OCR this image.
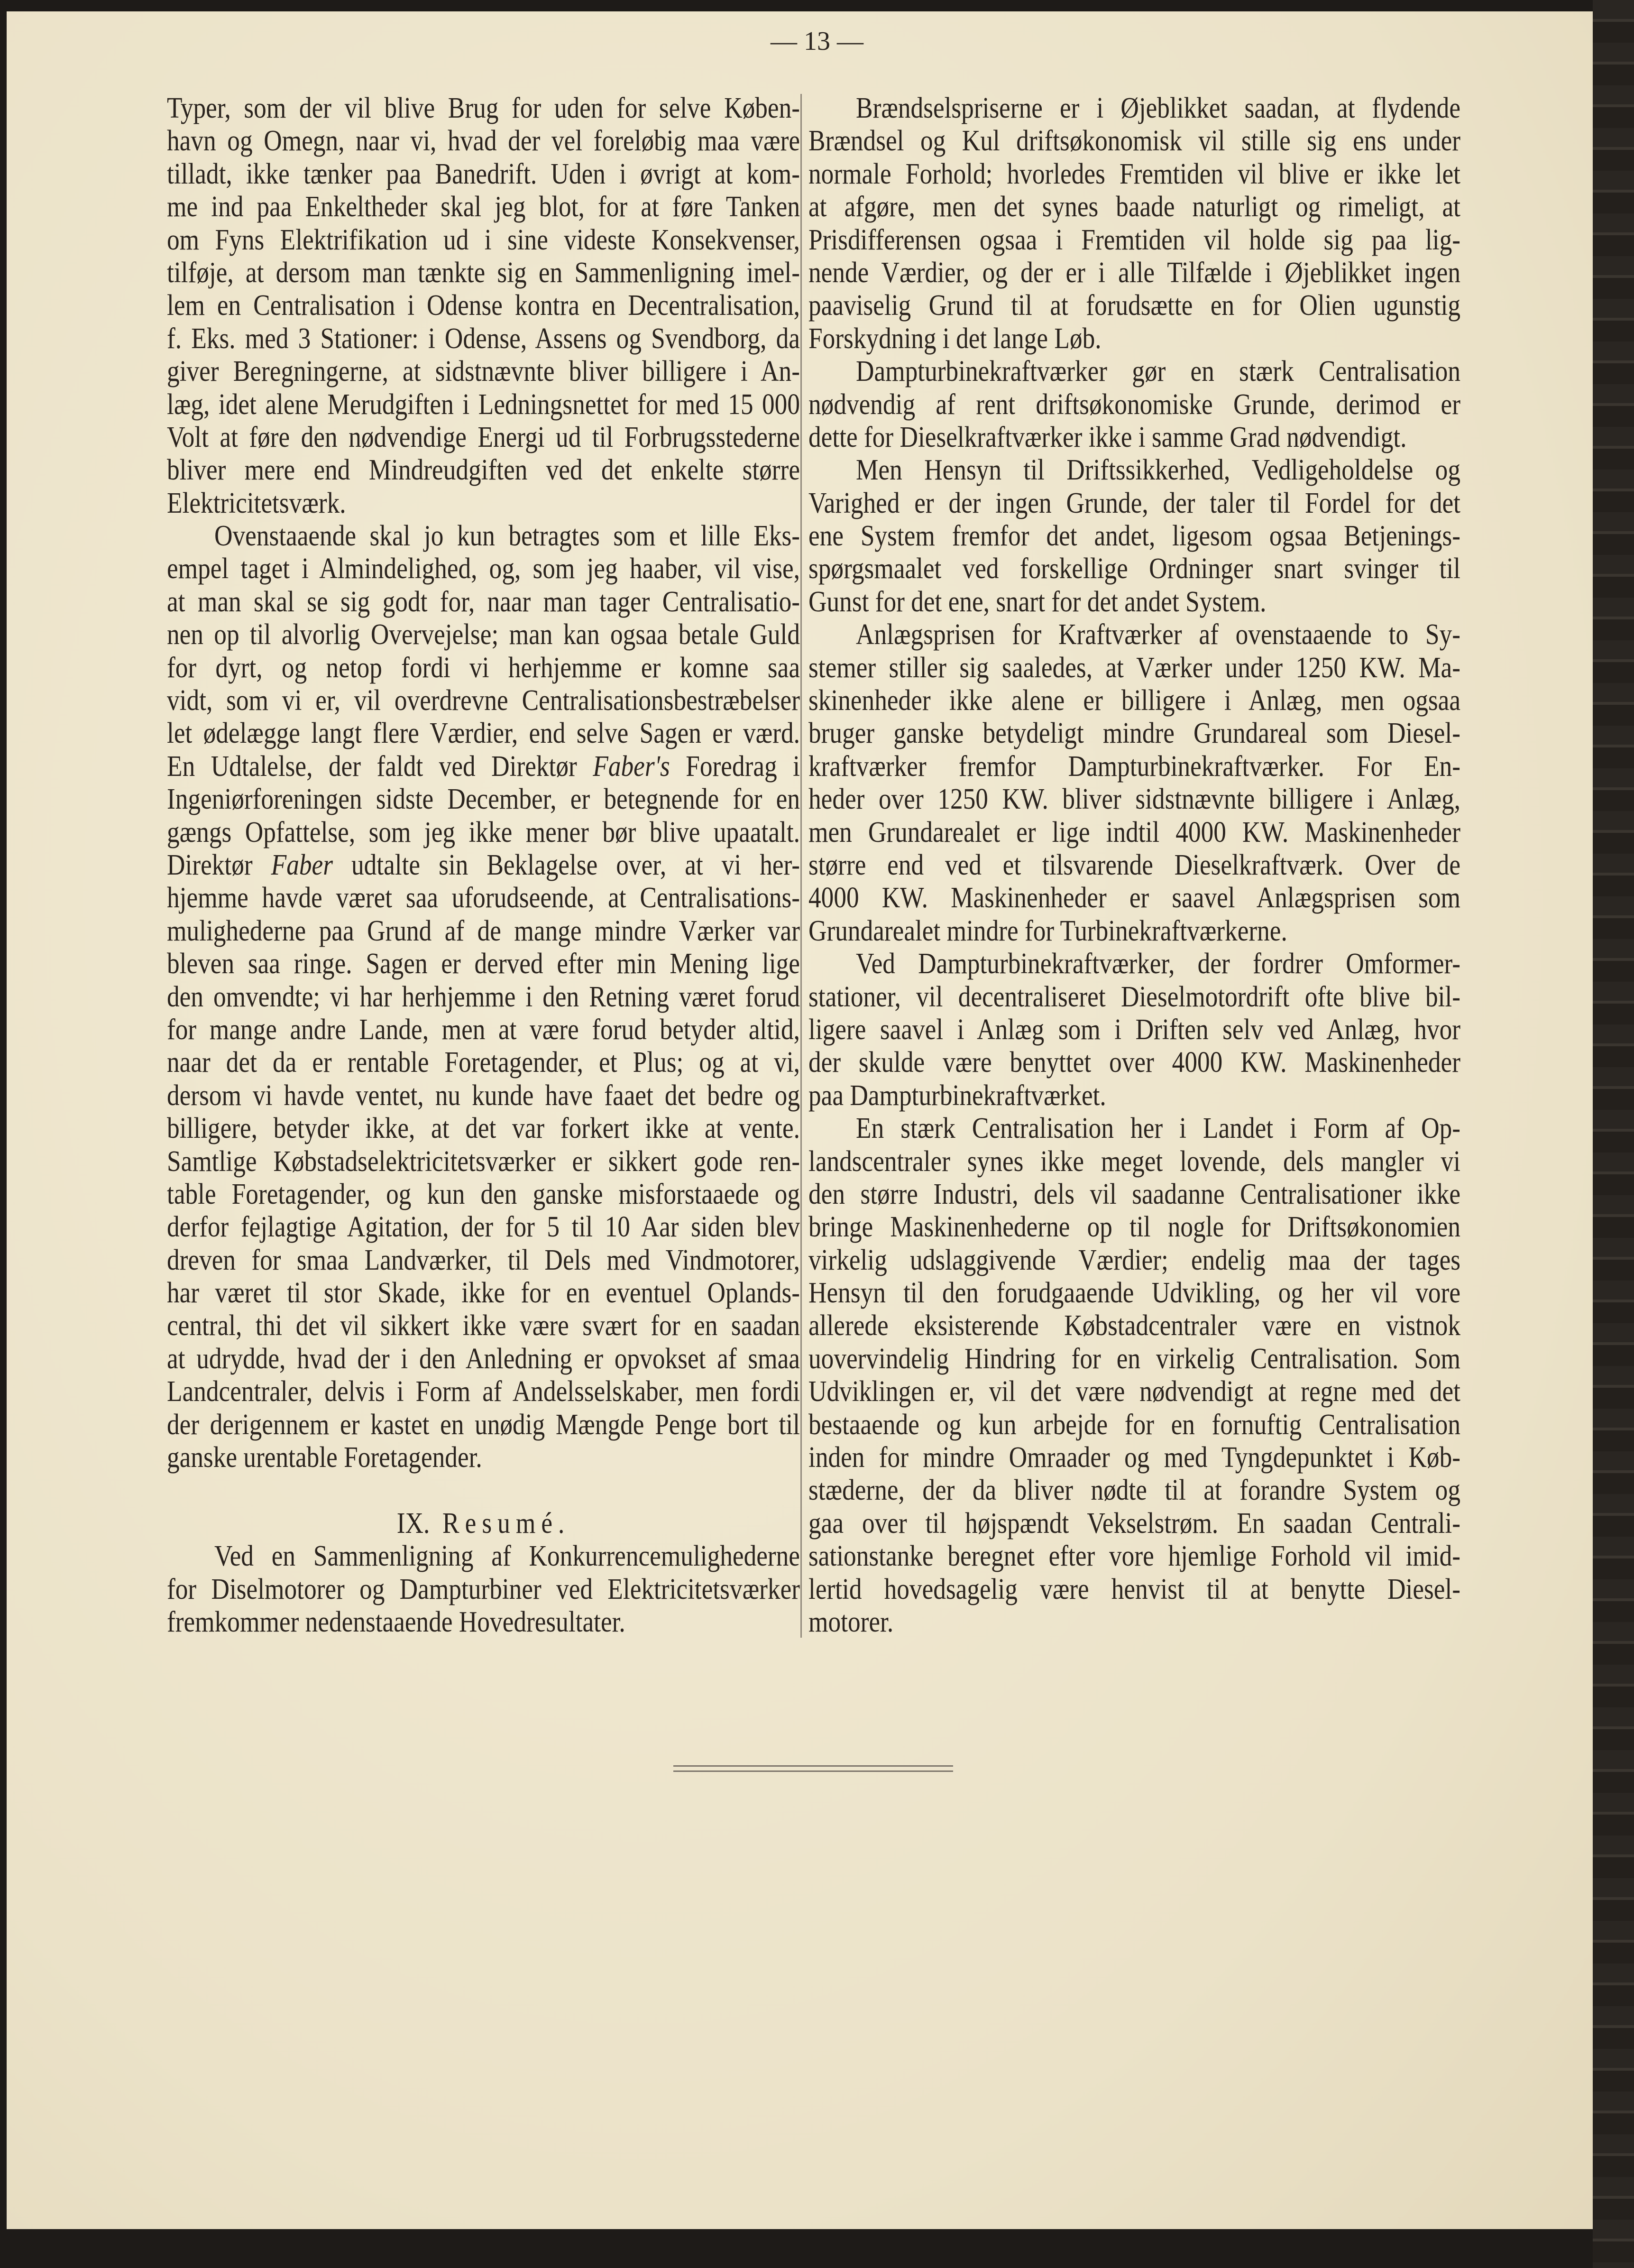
— 13 —
Typer, som der vil blive Brug for uden for selve Køben-
havn og Omegn, naar vi, hvad der vel foreløbig maa være
tilladt, ikke tænker paa Banedrift. Uden i øvrigt at kom-
me ind paa Enkeltheder skal jeg blot, for at føre Tanken
om Fyns Elektrifikation ud i sine videste Konsekvenser,
tilføje, at dersom man tænkte sig en Sammenligning imel-
lem en Centralisation i Odense kontra en Decentralisation,
f. Eks. med 3 Stationer: i Odense, Assens og Svendborg, da
giver Beregningerne, at sidstnævnte bliver billigere i An-
læg, idet alene Merudgiften i Ledningsnettet for med 15 000
Volt at føre den nødvendige Energi ud til Forbrugsstederne
bliver mere end Mindreudgiften ved det enkelte større
Elektricitetsværk.
Ovenstaaende skal jo kun betragtes som et lille Eks-
empel taget i Almindelighed, og, som jeg haaber, vil vise,
at man skal se sig godt for, naar man tager Centralisatio-
nen op til alvorlig Overvejelse; man kan ogsaa betale Guld
for dyrt, og netop fordi vi herhjemme er komne saa
vidt, som vi er, vil overdrevne Centralisationsbestræbelser
let ødelægge langt flere Værdier, end selve Sagen er værd.
En Udtalelse, der faldt ved Direktør Faber's Foredrag i
Ingeniørforeningen sidste December, er betegnende for en
gængs Opfattelse, som jeg ikke mener bør blive upaatalt.
Direktør Faber udtalte sin Beklagelse over, at vi her-
hjemme havde været saa uforudseende, at Centralisations-
mulighederne paa Grund af de mange mindre Værker var
bleven saa ringe. Sagen er derved efter min Mening lige
den omvendte; vi har herhjemme i den Retning været forud
for mange andre Lande, men at være forud betyder altid,
naar det da er rentable Foretagender, et Plus; og at vi,
dersom vi havde ventet, nu kunde have faaet det bedre og
billigere, betyder ikke, at det var forkert ikke at vente.
Samtlige Købstadselektricitetsværker er sikkert gode ren-
table Foretagender, og kun den ganske misforstaaede og
derfor fejlagtige Agitation, der for 5 til 10 Aar siden blev
dreven for smaa Landværker, til Dels med Vindmotorer,
har været til stor Skade, ikke for en eventuel Oplands-
central, thi det vil sikkert ikke være svært for en saadan
at udrydde, hvad der i den Anledning er opvokset af smaa
Landcentraler, delvis i Form af Andelsselskaber, men fordi
der derigennem er kastet en unødig Mængde Penge bort til
ganske urentable Foretagender.
IX. Resumé.
Ved en Sammenligning af Konkurrencemulighederne
for Diselmotorer og Dampturbiner ved Elektricitetsværker
fremkommer nedenstaaende Hovedresultater.
Brændselspriserne er i Øjeblikket saadan, at flydende
Brændsel og Kul driftsøkonomisk vil stille sig ens under
normale Forhold; hvorledes Fremtiden vil blive er ikke let
at afgøre, men det synes baade naturligt og rimeligt, at
Prisdifferensen ogsaa i Fremtiden vil holde sig paa lig-
nende Værdier, og der er i alle Tilfælde i Øjeblikket ingen
paaviselig Grund til at forudsætte en for Olien ugunstig
Forskydning i det lange Løb.
Dampturbinekraftværker gør en stærk Centralisation
nødvendig af rent driftsøkonomiske Grunde, derimod er
dette for Dieselkraftværker ikke i samme Grad nødvendigt.
Men Hensyn til Driftssikkerhed, Vedligeholdelse og
Varighed er der ingen Grunde, der taler til Fordel for det
ene System fremfor det andet, ligesom ogsaa Betjenings-
spørgsmaalet ved forskellige Ordninger snart svinger til
Gunst for det ene, snart for det andet System.
Anlægsprisen for Kraftværker af ovenstaaende to Sy-
stemer stiller sig saaledes, at Værker under 1250 KW. Ma-
skinenheder ikke alene er billigere i Anlæg, men ogsaa
bruger ganske betydeligt mindre Grundareal som Diesel-
kraftværker fremfor Dampturbinekraftværker. For En-
heder over 1250 KW. bliver sidstnævnte billigere i Anlæg,
men Grundarealet er lige indtil 4000 KW. Maskinenheder
større end ved et tilsvarende Dieselkraftværk. Over de
4000 KW. Maskinenheder er saavel Anlægsprisen som
Grundarealet mindre for Turbinekraftværkerne.
Ved Dampturbinekraftværker, der fordrer Omformer-
stationer, vil decentraliseret Dieselmotordrift ofte blive bil-
ligere saavel i Anlæg som i Driften selv ved Anlæg, hvor
der skulde være benyttet over 4000 KW. Maskinenheder
paa Dampturbinekraftværket.
En stærk Centralisation her i Landet i Form af Op-
landscentraler synes ikke meget lovende, dels mangler vi
den større Industri, dels vil saadanne Centralisationer ikke
bringe Maskinenhederne op til nogle for Driftsøkonomien
virkelig udslaggivende Værdier; endelig maa der tages
Hensyn til den forudgaaende Udvikling, og her vil vore
allerede eksisterende Købstadcentraler være en vistnok
uovervindelig Hindring for en virkelig Centralisation. Som
Udviklingen er, vil det være nødvendigt at regne med det
bestaaende og kun arbejde for en fornuftig Centralisation
inden for mindre Omraader og med Tyngdepunktet i Køb-
stæderne, der da bliver nødte til at forandre System og
gaa over til højspændt Vekselstrøm. En saadan Centrali-
sationstanke beregnet efter vore hjemlige Forhold vil imid-
lertid hovedsagelig være henvist til at benytte Diesel-
motorer.
